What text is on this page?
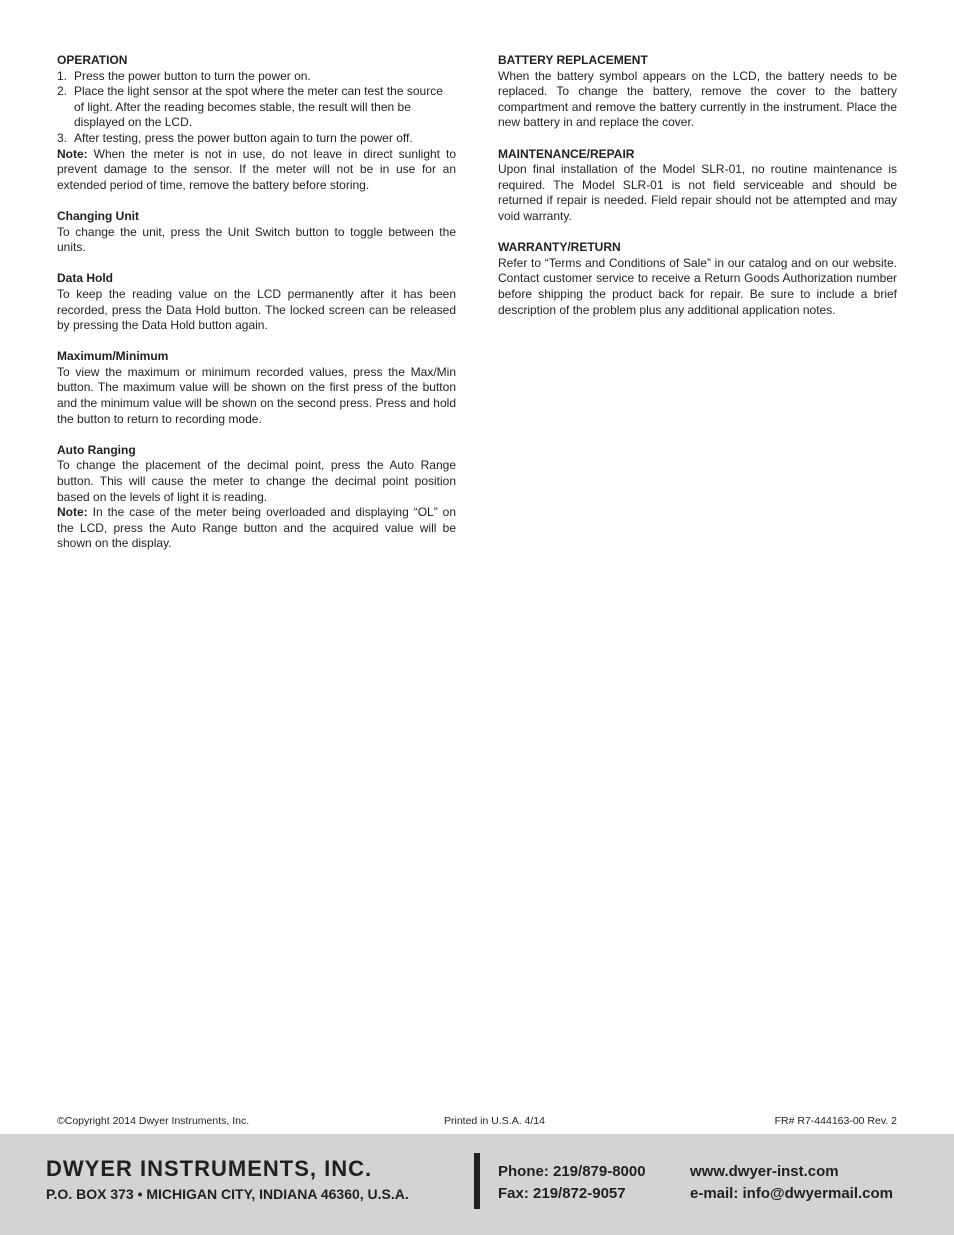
OPERATION
1. Press the power button to turn the power on.
2. Place the light sensor at the spot where the meter can test the source of light. After the reading becomes stable, the result will then be displayed on the LCD.
3. After testing, press the power button again to turn the power off.

Note: When the meter is not in use, do not leave in direct sunlight to prevent damage to the sensor. If the meter will not be in use for an extended period of time, remove the battery before storing.

Changing Unit

To change the unit, press the Unit Switch button to toggle between the units.

Data Hold

To keep the reading value on the LCD permanently after it has been recorded, press the Data Hold button. The locked screen can be released by pressing the Data Hold button again.

Maximum/Minimum

To view the maximum or minimum recorded values, press the Max/Min button. The maximum value will be shown on the first press of the button and the minimum value will be shown on the second press. Press and hold the button to return to recording mode.

Auto Ranging

To change the placement of the decimal point, press the Auto Range button. This will cause the meter to change the decimal point position based on the levels of light it is reading.

Note: In the case of the meter being overloaded and displaying “OL” on the LCD, press the Auto Range button and the acquired value will be shown on the display.

BATTERY REPLACEMENT

When the battery symbol appears on the LCD, the battery needs to be replaced. To change the battery, remove the cover to the battery compartment and remove the battery currently in the instrument. Place the new battery in and replace the cover.

MAINTENANCE/REPAIR

Upon final installation of the Model SLR-01, no routine maintenance is required. The Model SLR-01 is not field serviceable and should be returned if repair is needed. Field repair should not be attempted and may void warranty.

WARRANTY/RETURN

Refer to “Terms and Conditions of Sale” in our catalog and on our website. Contact customer service to receive a Return Goods Authorization number before shipping the product back for repair. Be sure to include a brief description of the problem plus any additional application notes.

©Copyright 2014 Dwyer Instruments, Inc.	Printed in U.S.A. 4/14	FR# R7-444163-00 Rev. 2
DWYER INSTRUMENTS, INC.
P.O. BOX 373 • MICHIGAN CITY, INDIANA 46360, U.S.A.
Phone: 219/879-8000
Fax: 219/872-9057
www.dwyer-inst.com
e-mail: info@dwyermail.com
